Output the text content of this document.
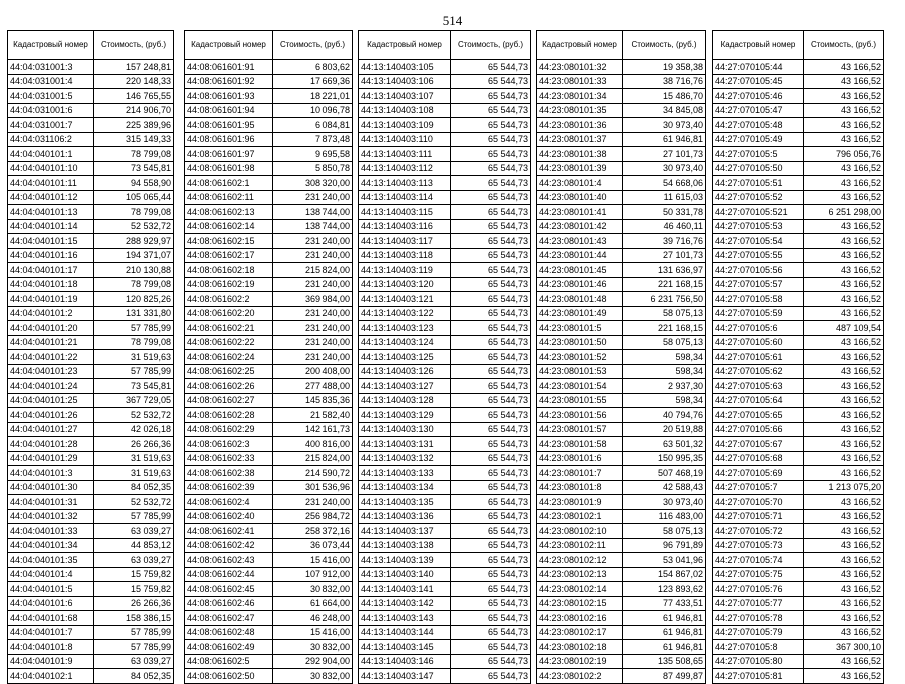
514
Кадастровый номер	Стоимость, (руб.)
44:04:031001:3	157 248,81
44:04:031001:4	220 148,33
44:04:031001:5	146 765,55
44:04:031001:6	214 906,70
44:04:031001:7	225 389,96
44:04:031106:2	315 149,33
44:04:040101:1	78 799,08
44:04:040101:10	73 545,81
44:04:040101:11	94 558,90
44:04:040101:12	105 065,44
44:04:040101:13	78 799,08
44:04:040101:14	52 532,72
44:04:040101:15	288 929,97
44:04:040101:16	194 371,07
44:04:040101:17	210 130,88
44:04:040101:18	78 799,08
44:04:040101:19	120 825,26
44:04:040101:2	131 331,80
44:04:040101:20	57 785,99
44:04:040101:21	78 799,08
44:04:040101:22	31 519,63
44:04:040101:23	57 785,99
44:04:040101:24	73 545,81
44:04:040101:25	367 729,05
44:04:040101:26	52 532,72
44:04:040101:27	42 026,18
44:04:040101:28	26 266,36
44:04:040101:29	31 519,63
44:04:040101:3	31 519,63
44:04:040101:30	84 052,35
44:04:040101:31	52 532,72
44:04:040101:32	57 785,99
44:04:040101:33	63 039,27
44:04:040101:34	44 853,12
44:04:040101:35	63 039,27
44:04:040101:4	15 759,82
44:04:040101:5	15 759,82
44:04:040101:6	26 266,36
44:04:040101:68	158 386,15
44:04:040101:7	57 785,99
44:04:040101:8	57 785,99
44:04:040101:9	63 039,27
44:04:040102:1	84 052,35
Кадастровый номер	Стоимость, (руб.)
44:08:061601:91	6 803,62
44:08:061601:92	17 669,36
44:08:061601:93	18 221,01
44:08:061601:94	10 096,78
44:08:061601:95	6 084,81
44:08:061601:96	7 873,48
44:08:061601:97	9 695,58
44:08:061601:98	5 850,78
44:08:061602:1	308 320,00
44:08:061602:11	231 240,00
44:08:061602:13	138 744,00
44:08:061602:14	138 744,00
44:08:061602:15	231 240,00
44:08:061602:17	231 240,00
44:08:061602:18	215 824,00
44:08:061602:19	231 240,00
44:08:061602:2	369 984,00
44:08:061602:20	231 240,00
44:08:061602:21	231 240,00
44:08:061602:22	231 240,00
44:08:061602:24	231 240,00
44:08:061602:25	200 408,00
44:08:061602:26	277 488,00
44:08:061602:27	145 835,36
44:08:061602:28	21 582,40
44:08:061602:29	142 161,73
44:08:061602:3	400 816,00
44:08:061602:33	215 824,00
44:08:061602:38	214 590,72
44:08:061602:39	301 536,96
44:08:061602:4	231 240,00
44:08:061602:40	256 984,72
44:08:061602:41	258 372,16
44:08:061602:42	36 073,44
44:08:061602:43	15 416,00
44:08:061602:44	107 912,00
44:08:061602:45	30 832,00
44:08:061602:46	61 664,00
44:08:061602:47	46 248,00
44:08:061602:48	15 416,00
44:08:061602:49	30 832,00
44:08:061602:5	292 904,00
44:08:061602:50	30 832,00
Кадастровый номер	Стоимость, (руб.)
44:13:140403:105	65 544,73
44:13:140403:106	65 544,73
44:13:140403:107	65 544,73
44:13:140403:108	65 544,73
44:13:140403:109	65 544,73
44:13:140403:110	65 544,73
44:13:140403:111	65 544,73
44:13:140403:112	65 544,73
44:13:140403:113	65 544,73
44:13:140403:114	65 544,73
44:13:140403:115	65 544,73
44:13:140403:116	65 544,73
44:13:140403:117	65 544,73
44:13:140403:118	65 544,73
44:13:140403:119	65 544,73
44:13:140403:120	65 544,73
44:13:140403:121	65 544,73
44:13:140403:122	65 544,73
44:13:140403:123	65 544,73
44:13:140403:124	65 544,73
44:13:140403:125	65 544,73
44:13:140403:126	65 544,73
44:13:140403:127	65 544,73
44:13:140403:128	65 544,73
44:13:140403:129	65 544,73
44:13:140403:130	65 544,73
44:13:140403:131	65 544,73
44:13:140403:132	65 544,73
44:13:140403:133	65 544,73
44:13:140403:134	65 544,73
44:13:140403:135	65 544,73
44:13:140403:136	65 544,73
44:13:140403:137	65 544,73
44:13:140403:138	65 544,73
44:13:140403:139	65 544,73
44:13:140403:140	65 544,73
44:13:140403:141	65 544,73
44:13:140403:142	65 544,73
44:13:140403:143	65 544,73
44:13:140403:144	65 544,73
44:13:140403:145	65 544,73
44:13:140403:146	65 544,73
44:13:140403:147	65 544,73
Кадастровый номер	Стоимость, (руб.)
44:23:080101:32	19 358,38
44:23:080101:33	38 716,76
44:23:080101:34	15 486,70
44:23:080101:35	34 845,08
44:23:080101:36	30 973,40
44:23:080101:37	61 946,81
44:23:080101:38	27 101,73
44:23:080101:39	30 973,40
44:23:080101:4	54 668,06
44:23:080101:40	11 615,03
44:23:080101:41	50 331,78
44:23:080101:42	46 460,11
44:23:080101:43	39 716,76
44:23:080101:44	27 101,73
44:23:080101:45	131 636,97
44:23:080101:46	221 168,15
44:23:080101:48	6 231 756,50
44:23:080101:49	58 075,13
44:23:080101:5	221 168,15
44:23:080101:50	58 075,13
44:23:080101:52	598,34
44:23:080101:53	598,34
44:23:080101:54	2 937,30
44:23:080101:55	598,34
44:23:080101:56	40 794,76
44:23:080101:57	20 519,88
44:23:080101:58	63 501,32
44:23:080101:6	150 995,35
44:23:080101:7	507 468,19
44:23:080101:8	42 588,43
44:23:080101:9	30 973,40
44:23:080102:1	116 483,00
44:23:080102:10	58 075,13
44:23:080102:11	96 791,89
44:23:080102:12	53 041,96
44:23:080102:13	154 867,02
44:23:080102:14	123 893,62
44:23:080102:15	77 433,51
44:23:080102:16	61 946,81
44:23:080102:17	61 946,81
44:23:080102:18	61 946,81
44:23:080102:19	135 508,65
44:23:080102:2	87 499,87
Кадастровый номер	Стоимость, (руб.)
44:27:070105:44	43 166,52
44:27:070105:45	43 166,52
44:27:070105:46	43 166,52
44:27:070105:47	43 166,52
44:27:070105:48	43 166,52
44:27:070105:49	43 166,52
44:27:070105:5	796 056,76
44:27:070105:50	43 166,52
44:27:070105:51	43 166,52
44:27:070105:52	43 166,52
44:27:070105:521	6 251 298,00
44:27:070105:53	43 166,52
44:27:070105:54	43 166,52
44:27:070105:55	43 166,52
44:27:070105:56	43 166,52
44:27:070105:57	43 166,52
44:27:070105:58	43 166,52
44:27:070105:59	43 166,52
44:27:070105:6	487 109,54
44:27:070105:60	43 166,52
44:27:070105:61	43 166,52
44:27:070105:62	43 166,52
44:27:070105:63	43 166,52
44:27:070105:64	43 166,52
44:27:070105:65	43 166,52
44:27:070105:66	43 166,52
44:27:070105:67	43 166,52
44:27:070105:68	43 166,52
44:27:070105:69	43 166,52
44:27:070105:7	1 213 075,20
44:27:070105:70	43 166,52
44:27:070105:71	43 166,52
44:27:070105:72	43 166,52
44:27:070105:73	43 166,52
44:27:070105:74	43 166,52
44:27:070105:75	43 166,52
44:27:070105:76	43 166,52
44:27:070105:77	43 166,52
44:27:070105:78	43 166,52
44:27:070105:79	43 166,52
44:27:070105:8	367 300,10
44:27:070105:80	43 166,52
44:27:070105:81	43 166,52
